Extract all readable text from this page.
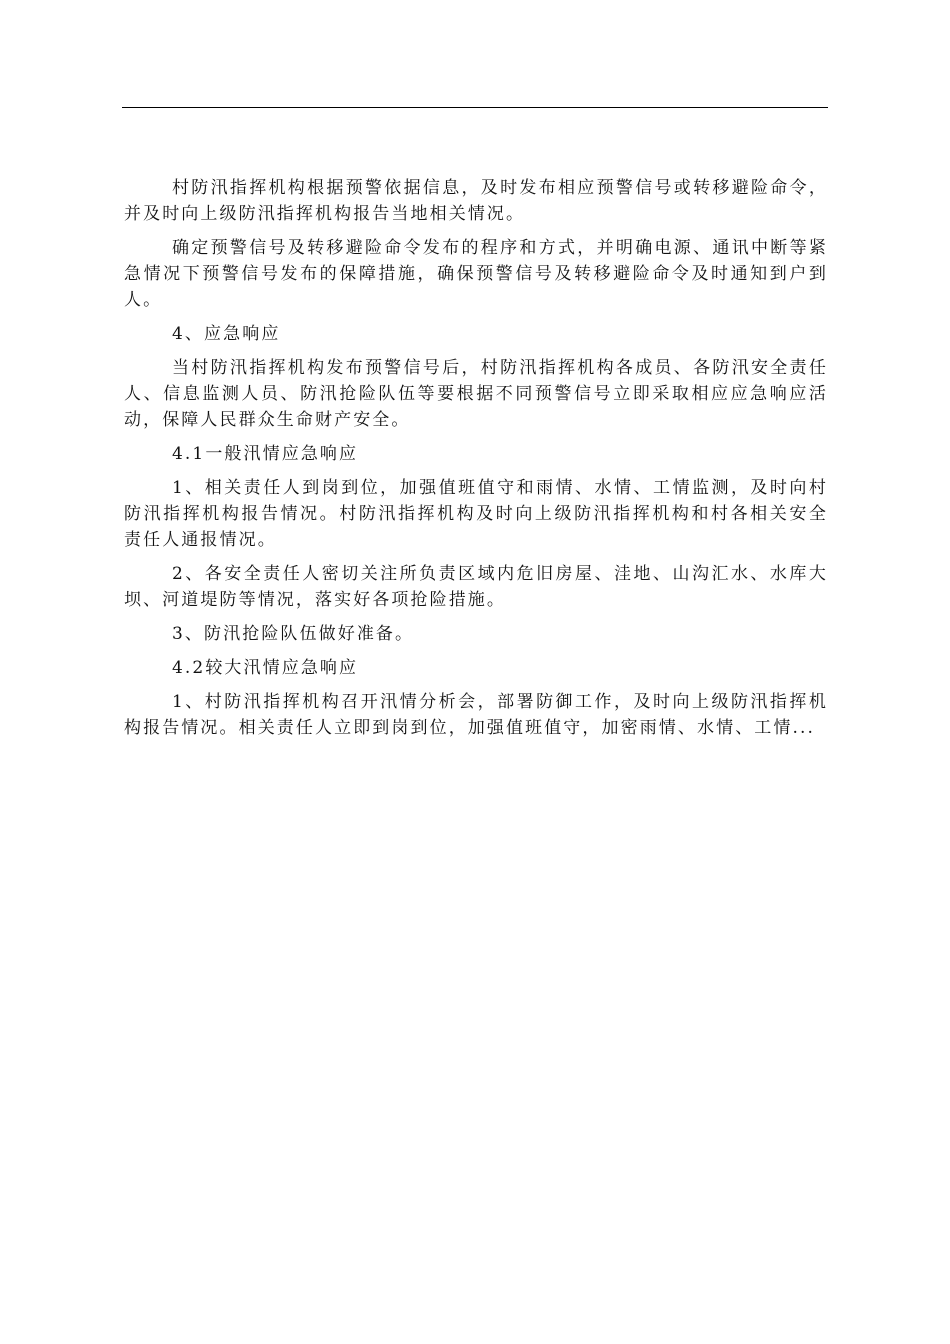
村防汛指挥机构根据预警依据信息，及时发布相应预警信号或转移避险命令，并及时向上级防汛指挥机构报告当地相关情况。

确定预警信号及转移避险命令发布的程序和方式，并明确电源、通讯中断等紧急情况下预警信号发布的保障措施，确保预警信号及转移避险命令及时通知到户到人。

4、应急响应

当村防汛指挥机构发布预警信号后，村防汛指挥机构各成员、各防汛安全责任人、信息监测人员、防汛抢险队伍等要根据不同预警信号立即采取相应应急响应活动，保障人民群众生命财产安全。

4.1一般汛情应急响应

1、相关责任人到岗到位，加强值班值守和雨情、水情、工情监测，及时向村防汛指挥机构报告情况。村防汛指挥机构及时向上级防汛指挥机构和村各相关安全责任人通报情况。

2、各安全责任人密切关注所负责区域内危旧房屋、洼地、山沟汇水、水库大坝、河道堤防等情况，落实好各项抢险措施。

3、防汛抢险队伍做好准备。

4.2较大汛情应急响应

1、村防汛指挥机构召开汛情分析会，部署防御工作，及时向上级防汛指挥机构报告情况。相关责任人立即到岗到位，加强值班值守，加密雨情、水情、工情...
